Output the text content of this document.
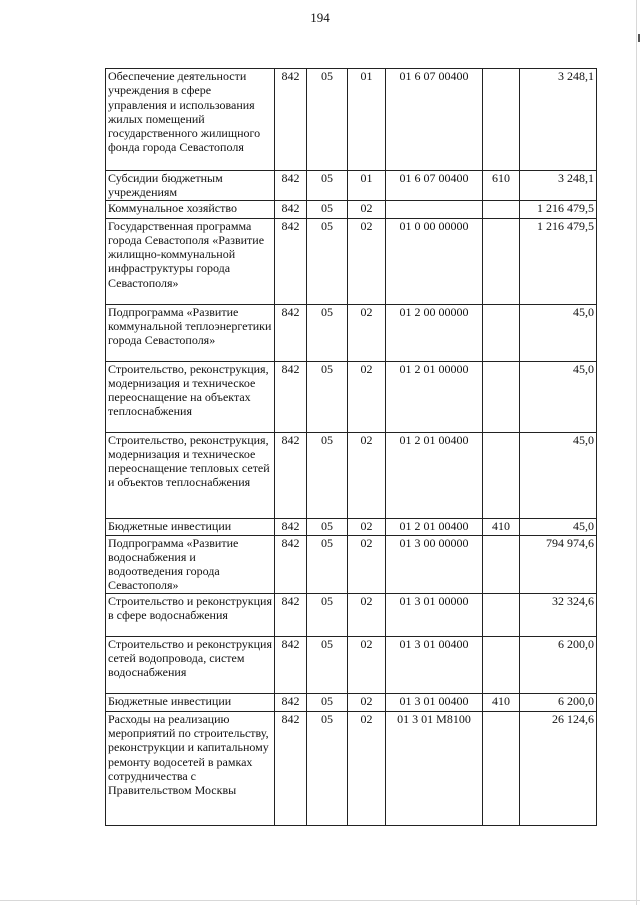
194
Обеспечение деятельности учреждения в сфере управления и использования жилых помещений государственного жилищного фонда города Севастополя	842	05	01	01 6 07 00400		3 248,1
Субсидии бюджетным учреждениям	842	05	01	01 6 07 00400	610	3 248,1
Коммунальное хозяйство	842	05	02			1 216 479,5
Государственная программа города Севастополя «Развитие жилищно-коммунальной инфраструктуры города Севастополя»	842	05	02	01 0 00 00000		1 216 479,5
Подпрограмма «Развитие коммунальной теплоэнергетики города Севастополя»	842	05	02	01 2 00 00000		45,0
Строительство, реконструкция, модернизация и техническое переоснащение на объектах теплоснабжения	842	05	02	01 2 01 00000		45,0
Строительство, реконструкция, модернизация и техническое переоснащение тепловых сетей и объектов теплоснабжения	842	05	02	01 2 01 00400		45,0
Бюджетные инвестиции	842	05	02	01 2 01 00400	410	45,0
Подпрограмма «Развитие водоснабжения и водоотведения города Севастополя»	842	05	02	01 3 00 00000		794 974,6
Строительство и реконструкция в сфере водоснабжения	842	05	02	01 3 01 00000		32 324,6
Строительство и реконструкция сетей водопровода, систем водоснабжения	842	05	02	01 3 01 00400		6 200,0
Бюджетные инвестиции	842	05	02	01 3 01 00400	410	6 200,0
Расходы на реализацию мероприятий по строительству, реконструкции и капитальному ремонту водосетей в рамках сотрудничества с Правительством Москвы	842	05	02	01 3 01 M8100		26 124,6
